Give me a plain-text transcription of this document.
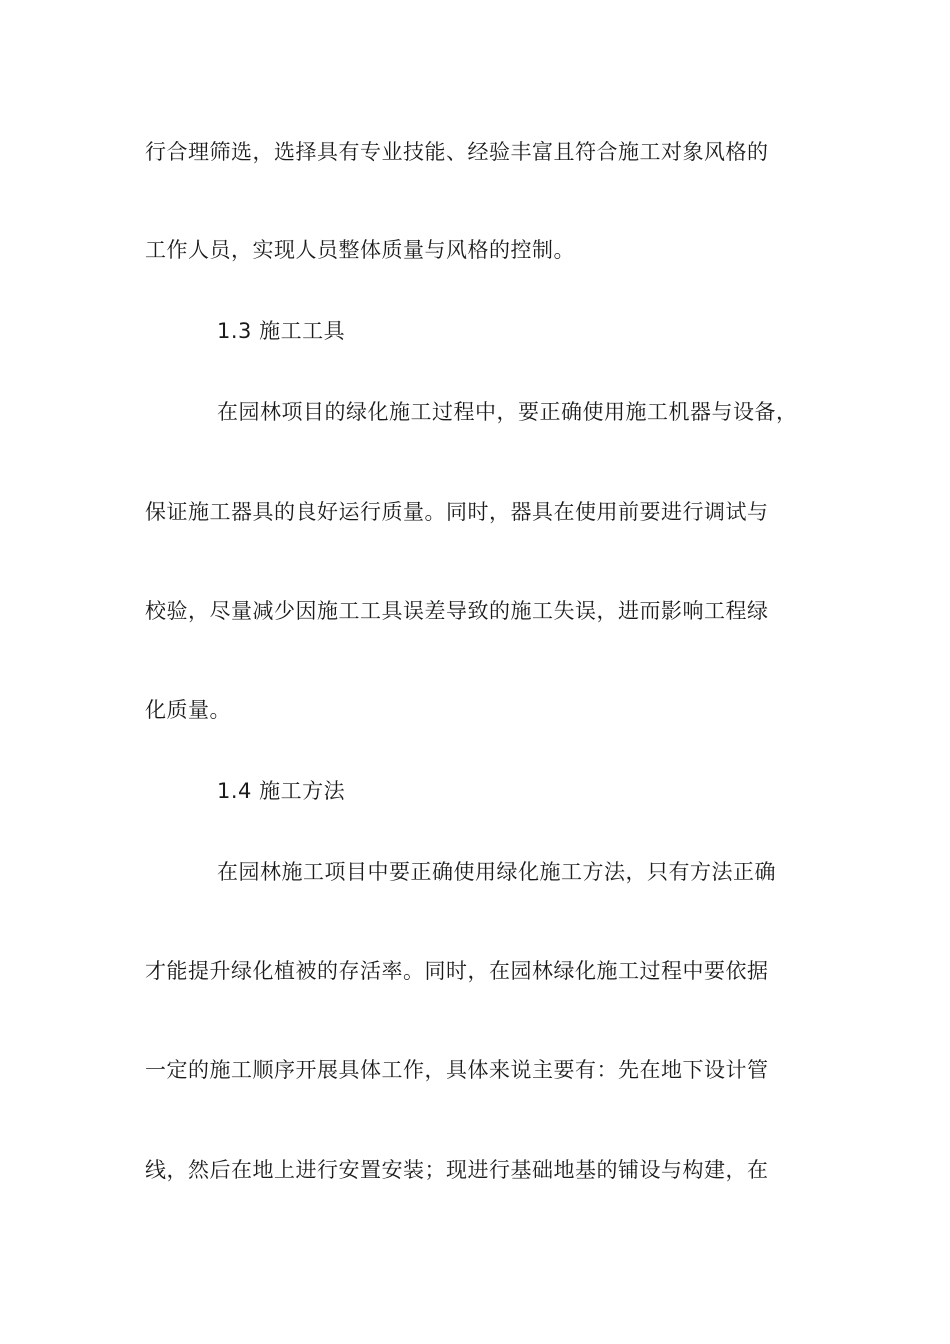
行合理筛选，选择具有专业技能、经验丰富且符合施工对象风格的
工作人员，实现人员整体质量与风格的控制。
1.3 施工工具
在园林项目的绿化施工过程中，要正确使用施工机器与设备，
保证施工器具的良好运行质量。同时，器具在使用前要进行调试与
校验，尽量减少因施工工具误差导致的施工失误，进而影响工程绿
化质量。
1.4 施工方法
在园林施工项目中要正确使用绿化施工方法，只有方法正确
才能提升绿化植被的存活率。同时，在园林绿化施工过程中要依据
一定的施工顺序开展具体工作，具体来说主要有：先在地下设计管
线，然后在地上进行安置安装；现进行基础地基的铺设与构建，在
